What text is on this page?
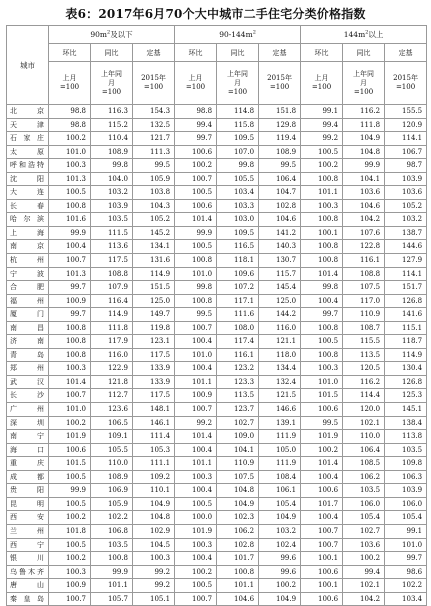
表6：2017年6月70个大中城市二手住宅分类价格指数
城市	$90m^2$及以下			$90-144m^2$			$144m^2$以上		
	环比	同比	定基	环比	同比	定基	环比	同比	定基

	上月
=100	上年同
月
=100	2015年
=100	上月
=100	上年同
月
=100	2015年
=100	上月
=100	上年同
月
=100	2015年
=100

北京	98.8	116.3	154.3	98.8	114.8	151.8	99.1	116.2	155.5
天津	98.8	115.2	132.5	99.4	115.8	129.8	99.4	111.8	120.9
石家庄	100.2	110.4	121.7	99.7	109.5	119.4	99.2	104.9	114.1
太原	101.0	108.9	111.3	100.6	107.0	108.9	100.5	104.8	106.7
呼和浩特	100.3	99.8	99.5	100.2	99.8	99.5	100.2	99.9	98.7
沈阳	101.3	104.0	105.9	100.7	105.5	106.4	100.8	104.1	103.9
大连	100.5	103.2	103.8	100.5	103.4	104.7	101.1	103.6	103.6
长春	100.8	103.9	104.3	100.6	103.3	102.8	100.3	104.6	105.2
哈尔滨	101.6	103.5	105.2	101.4	103.0	104.6	100.8	104.2	103.2
上海	99.9	111.5	145.2	99.9	109.5	141.2	100.1	107.6	138.7
南京	100.4	113.6	134.1	100.5	116.5	140.3	100.8	122.8	144.6
杭州	100.7	117.5	131.6	100.8	118.1	130.7	100.8	116.1	127.9
宁波	101.3	108.8	114.9	101.0	109.6	115.7	101.4	108.8	114.1
合肥	99.7	107.9	151.5	99.8	107.2	145.4	99.8	107.5	151.7
福州	100.9	116.4	125.0	100.8	117.1	125.0	100.4	117.0	126.8
厦门	99.7	114.9	149.7	99.5	111.6	144.2	99.7	110.9	141.6
南昌	100.8	111.8	119.8	100.7	108.0	116.0	100.8	108.7	115.1
济南	100.8	117.9	123.1	100.4	117.4	121.1	100.5	115.5	118.7
青岛	100.8	116.0	117.5	101.0	116.1	118.0	100.8	113.5	114.9
郑州	100.3	122.9	133.9	100.4	123.2	134.4	100.3	120.5	130.4
武汉	101.4	121.8	133.9	101.1	123.3	132.4	101.0	116.2	126.8
长沙	100.7	112.7	117.5	100.9	113.5	121.5	101.5	114.4	125.3
广州	101.0	123.6	148.1	100.7	123.7	146.6	100.6	120.0	145.1
深圳	100.2	106.5	146.1	99.2	102.7	139.1	99.5	102.1	138.4
南宁	101.9	109.1	111.4	101.4	109.0	111.9	101.9	110.0	113.8
海口	100.6	105.5	105.3	100.4	104.1	105.0	100.2	106.4	103.5
重庆	101.5	110.0	111.1	101.1	110.9	111.9	101.4	108.5	109.8
成都	100.5	108.9	109.2	100.3	107.5	108.4	100.4	106.2	106.3
贵阳	99.9	106.9	110.1	100.4	104.8	106.1	100.6	103.5	103.9
昆明	100.5	105.9	104.9	100.5	104.9	105.4	101.7	106.0	106.0
西安	100.2	102.2	104.8	100.0	102.3	104.9	100.4	105.4	105.4
兰州	101.8	106.8	102.9	101.9	106.2	103.2	100.7	102.7	99.1
西宁	100.5	103.5	104.5	100.3	102.8	102.4	100.7	103.6	101.0
银川	100.2	100.8	100.3	100.4	101.7	99.6	100.1	100.2	99.7
乌鲁木齐	100.3	99.9	99.2	100.2	100.8	99.6	100.6	99.4	98.6
唐山	100.9	101.1	99.2	100.5	101.1	100.2	100.1	102.1	102.2
秦皇岛	100.7	105.7	105.1	100.7	104.6	104.9	100.6	104.2	103.4
